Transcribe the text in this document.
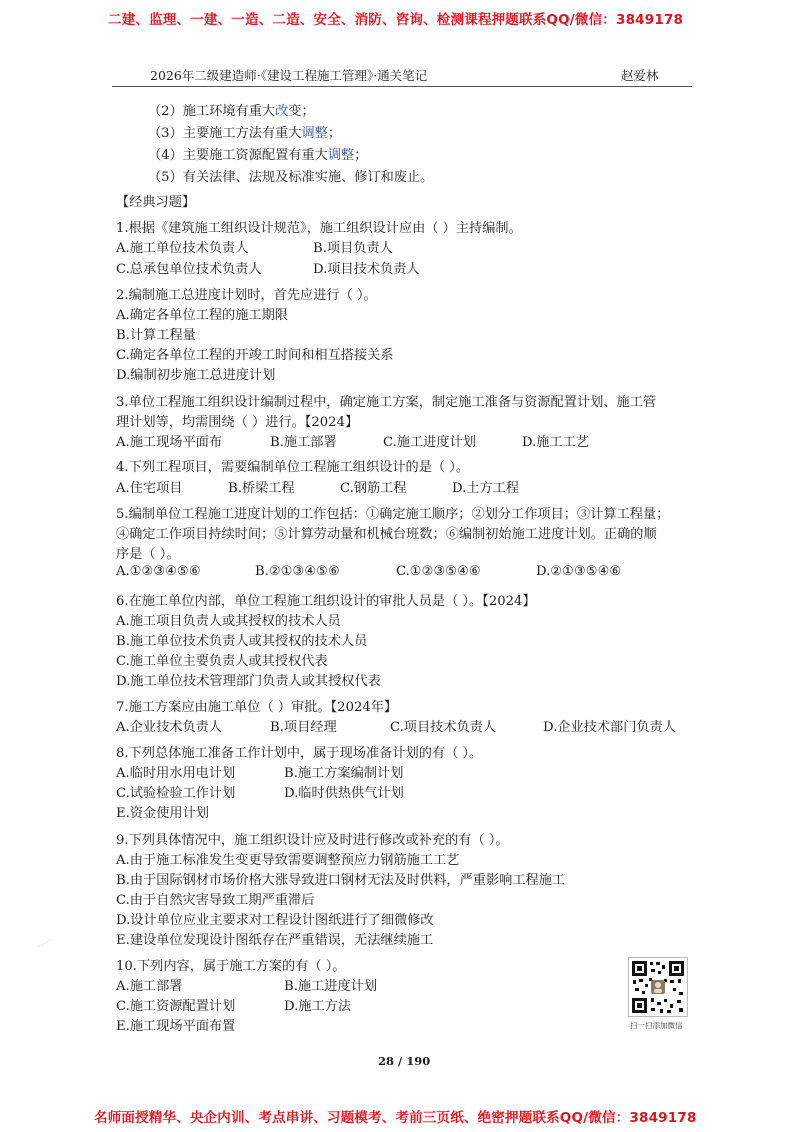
二建、监理、一建、一造、二造、安全、消防、咨询、检测课程押题联系QQ/微信：3849178
2026年二级建造师·《建设工程施工管理》·通关笔记	赵爱林
（2）施工环境有重大改变；
（3）主要施工方法有重大调整；
（4）主要施工资源配置有重大调整；
（5）有关法律、法规及标准实施、修订和废止。
【经典习题】
1.根据《建筑施工组织设计规范》，施工组织设计应由（ ）主持编制。
A.施工单位技术负责人	B.项目负责人
C.总承包单位技术负责人	D.项目技术负责人
2.编制施工总进度计划时，首先应进行（ ）。
A.确定各单位工程的施工期限
B.计算工程量
C.确定各单位工程的开竣工时间和相互搭接关系
D.编制初步施工总进度计划
3.单位工程施工组织设计编制过程中，确定施工方案，制定施工准备与资源配置计划、施工管
理计划等，均需围绕（ ）进行。【2024】
A.施工现场平面布	B.施工部署	C.施工进度计划	D.施工工艺
4.下列工程项目，需要编制单位工程施工组织设计的是（ ）。
A.住宅项目	B.桥梁工程	C.钢筋工程	D.土方工程
5.编制单位工程施工进度计划的工作包括：①确定施工顺序；②划分工作项目；③计算工程量；
④确定工作项目持续时间；⑤计算劳动量和机械台班数；⑥编制初始施工进度计划。正确的顺
序是（ ）。
A.①②③④⑤⑥	B.②①③④⑤⑥	C.①②③⑤④⑥	D.②①③⑤④⑥
6.在施工单位内部，单位工程施工组织设计的审批人员是（ ）。【2024】
A.施工项目负责人或其授权的技术人员
B.施工单位技术负责人或其授权的技术人员
C.施工单位主要负责人或其授权代表
D.施工单位技术管理部门负责人或其授权代表
7.施工方案应由施工单位（ ）审批。【2024年】
A.企业技术负责人	B.项目经理	C.项目技术负责人	D.企业技术部门负责人
8.下列总体施工准备工作计划中，属于现场准备计划的有（ ）。
A.临时用水用电计划	B.施工方案编制计划
C.试验检验工作计划	D.临时供热供气计划
E.资金使用计划
9.下列具体情况中，施工组织设计应及时进行修改或补充的有（ ）。
A.由于施工标准发生变更导致需要调整预应力钢筋施工工艺
B.由于国际钢材市场价格大涨导致进口钢材无法及时供料，严重影响工程施工
C.由于自然灾害导致工期严重滞后
D.设计单位应业主要求对工程设计图纸进行了细微修改
E.建设单位发现设计图纸存在严重错误，无法继续施工
10.下列内容，属于施工方案的有（ ）。
A.施工部署	B.施工进度计划
C.施工资源配置计划	D.施工方法
E.施工现场平面布置
··········
扫一扫添加微信
28 / 190
名师面授精华、央企内训、考点串讲、习题模考、考前三页纸、绝密押题联系QQ/微信：3849178
